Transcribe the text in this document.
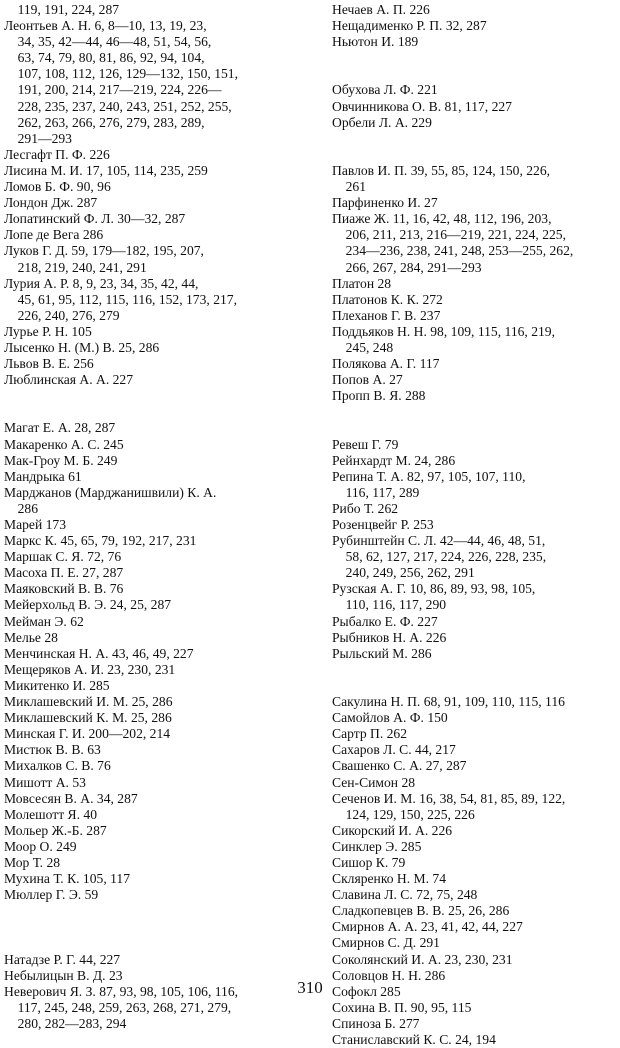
119, 191, 224, 287
Леонтьев А. Н. 6, 8—10, 13, 19, 23,
34, 35, 42—44, 46—48, 51, 54, 56,
63, 74, 79, 80, 81, 86, 92, 94, 104,
107, 108, 112, 126, 129—132, 150, 151,
191, 200, 214, 217—219, 224, 226—
228, 235, 237, 240, 243, 251, 252, 255,
262, 263, 266, 276, 279, 283, 289,
291—293
Лесгафт П. Ф. 226
Лисина М. И. 17, 105, 114, 235, 259
Ломов Б. Ф. 90, 96
Лондон Дж. 287
Лопатинский Ф. Л. 30—32, 287
Лопе де Вега 286
Луков Г. Д. 59, 179—182, 195, 207,
218, 219, 240, 241, 291
Лурия А. Р. 8, 9, 23, 34, 35, 42, 44,
45, 61, 95, 112, 115, 116, 152, 173, 217,
226, 240, 276, 279
Лурье Р. Н. 105
Лысенко Н. (М.) В. 25, 286
Львов В. Е. 256
Люблинская А. А. 227

Магат Е. А. 28, 287
Макаренко А. С. 245
Мак-Гроу М. Б. 249
Мандрыка 61
Марджанов (Марджанишвили) К. А.
286
Марей 173
Маркс К. 45, 65, 79, 192, 217, 231
Маршак С. Я. 72, 76
Масоха П. Е. 27, 287
Маяковский В. В. 76
Мейерхольд В. Э. 24, 25, 287
Мейман Э. 62
Мелье 28
Менчинская Н. А. 43, 46, 49, 227
Мещеряков А. И. 23, 230, 231
Микитенко И. 285
Миклашевский И. М. 25, 286
Миклашевский К. М. 25, 286
Минская Г. И. 200—202, 214
Мистюк В. В. 63
Михалков С. В. 76
Мишотт А. 53
Мовсесян В. А. 34, 287
Молешотт Я. 40
Мольер Ж.-Б. 287
Моор О. 249
Мор Т. 28
Мухина Т. К. 105, 117
Мюллер Г. Э. 59

Натадзе Р. Г. 44, 227
Небылицын В. Д. 23
Неверович Я. З. 87, 93, 98, 105, 106, 116,
117, 245, 248, 259, 263, 268, 271, 279,
280, 282—283, 294
Нечаев А. П. 226
Нещадименко Р. П. 32, 287
Ньютон И. 189

Обухова Л. Ф. 221
Овчинникова О. В. 81, 117, 227
Орбели Л. А. 229

Павлов И. П. 39, 55, 85, 124, 150, 226,
261
Парфиненко И. 27
Пиаже Ж. 11, 16, 42, 48, 112, 196, 203,
206, 211, 213, 216—219, 221, 224, 225,
234—236, 238, 241, 248, 253—255, 262,
266, 267, 284, 291—293
Платон 28
Платонов К. К. 272
Плеханов Г. В. 237
Поддьяков Н. Н. 98, 109, 115, 116, 219,
245, 248
Полякова А. Г. 117
Попов А. 27
Пропп В. Я. 288

Ревеш Г. 79
Рейнхардт М. 24, 286
Репина Т. А. 82, 97, 105, 107, 110,
116, 117, 289
Рибо Т. 262
Розенцвейг Р. 253
Рубинштейн С. Л. 42—44, 46, 48, 51,
58, 62, 127, 217, 224, 226, 228, 235,
240, 249, 256, 262, 291
Рузская А. Г. 10, 86, 89, 93, 98, 105,
110, 116, 117, 290
Рыбалко Е. Ф. 227
Рыбников Н. А. 226
Рыльский М. 286

Сакулина Н. П. 68, 91, 109, 110, 115, 116
Самойлов А. Ф. 150
Сартр П. 262
Сахаров Л. С. 44, 217
Свашенко С. А. 27, 287
Сен-Симон 28
Сеченов И. М. 16, 38, 54, 81, 85, 89, 122,
124, 129, 150, 225, 226
Сикорский И. А. 226
Синклер Э. 285
Сишор К. 79
Скляренко Н. М. 74
Славина Л. С. 72, 75, 248
Сладкопевцев В. В. 25, 26, 286
Смирнов А. А. 23, 41, 42, 44, 227
Смирнов С. Д. 291
Соколянский И. А. 23, 230, 231
Соловцов Н. Н. 286
Софокл 285
Сохина В. П. 90, 95, 115
Спиноза Б. 277
Станиславский К. С. 24, 194
310
